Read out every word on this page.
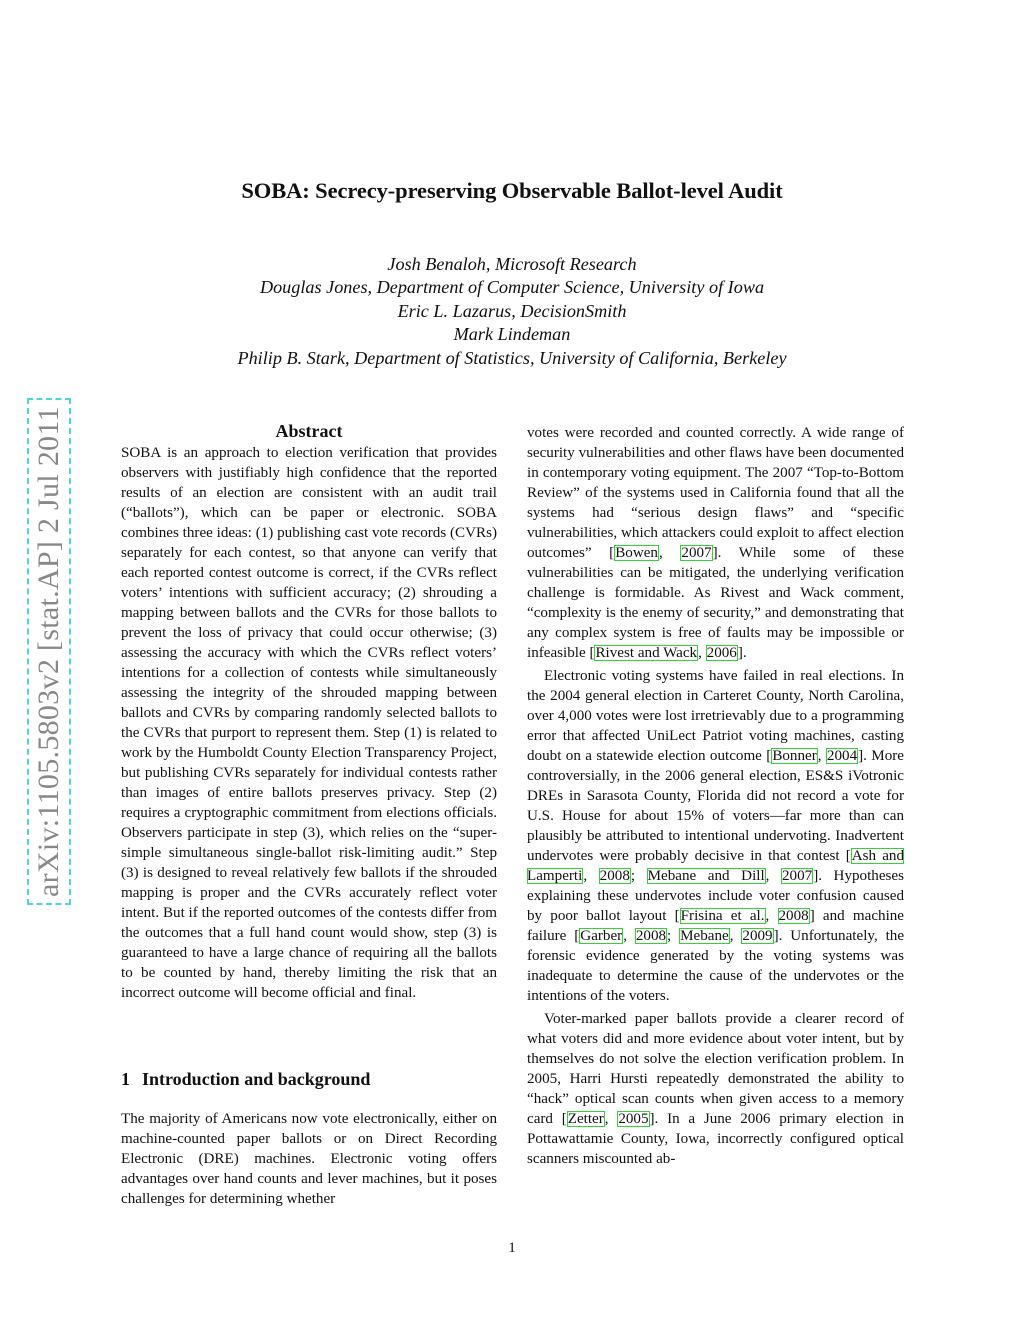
SOBA: Secrecy-preserving Observable Ballot-level Audit
Josh Benaloh, Microsoft Research
Douglas Jones, Department of Computer Science, University of Iowa
Eric L. Lazarus, DecisionSmith
Mark Lindeman
Philip B. Stark, Department of Statistics, University of California, Berkeley
arXiv:1105.5803v2 [stat.AP] 2 Jul 2011	Abstract

SOBA is an approach to election verification that provides observers with justifiably high confidence that the reported results of an election are consistent with an audit trail (“ballots”), which can be paper or electronic. SOBA combines three ideas: (1) publishing cast vote records (CVRs) separately for each contest, so that anyone can verify that each reported contest outcome is correct, if the CVRs reflect voters’ intentions with sufficient accuracy; (2) shrouding a mapping between ballots and the CVRs for those ballots to prevent the loss of privacy that could occur otherwise; (3) assessing the accuracy with which the CVRs reflect voters’ intentions for a collection of contests while simultaneously assessing the integrity of the shrouded mapping between ballots and CVRs by comparing randomly selected ballots to the CVRs that purport to represent them. Step (1) is related to work by the Humboldt County Election Transparency Project, but publishing CVRs separately for individual contests rather than images of entire ballots preserves privacy. Step (2) requires a cryptographic commitment from elections officials. Observers participate in step (3), which relies on the “super-simple simultaneous single-ballot risk-limiting audit.” Step (3) is designed to reveal relatively few ballots if the shrouded mapping is proper and the CVRs accurately reflect voter intent. But if the reported outcomes of the contests differ from the outcomes that a full hand count would show, step (3) is guaranteed to have a large chance of requiring all the ballots to be counted by hand, thereby limiting the risk that an incorrect outcome will become official and final.

1 Introduction and background

The majority of Americans now vote electronically, either on machine-counted paper ballots or on Direct Recording Electronic (DRE) machines. Electronic voting offers advantages over hand counts and lever machines, but it poses challenges for determining whether

votes were recorded and counted correctly. A wide range of security vulnerabilities and other flaws have been documented in contemporary voting equipment. The 2007 “Top-to-Bottom Review” of the systems used in California found that all the systems had “serious design flaws” and “specific vulnerabilities, which attackers could exploit to affect election outcomes” [Bowen, 2007]. While some of these vulnerabilities can be mitigated, the underlying verification challenge is formidable. As Rivest and Wack comment, “complexity is the enemy of security,” and demonstrating that any complex system is free of faults may be impossible or infeasible [Rivest and Wack, 2006].

Electronic voting systems have failed in real elections. In the 2004 general election in Carteret County, North Carolina, over 4,000 votes were lost irretrievably due to a programming error that affected UniLect Patriot voting machines, casting doubt on a statewide election outcome [Bonner, 2004]. More controversially, in the 2006 general election, ES&S iVotronic DREs in Sarasota County, Florida did not record a vote for U.S. House for about 15% of voters—far more than can plausibly be attributed to intentional undervoting. Inadvertent undervotes were probably decisive in that contest [Ash and Lamperti, 2008; Mebane and Dill, 2007]. Hypotheses explaining these undervotes include voter confusion caused by poor ballot layout [Frisina et al., 2008] and machine failure [Garber, 2008; Mebane, 2009]. Unfortunately, the forensic evidence generated by the voting systems was inadequate to determine the cause of the undervotes or the intentions of the voters.

Voter-marked paper ballots provide a clearer record of what voters did and more evidence about voter intent, but by themselves do not solve the election verification problem. In 2005, Harri Hursti repeatedly demonstrated the ability to “hack” optical scan counts when given access to a memory card [Zetter, 2005]. In a June 2006 primary election in Pottawattamie County, Iowa, incorrectly configured optical scanners miscounted ab-

1
